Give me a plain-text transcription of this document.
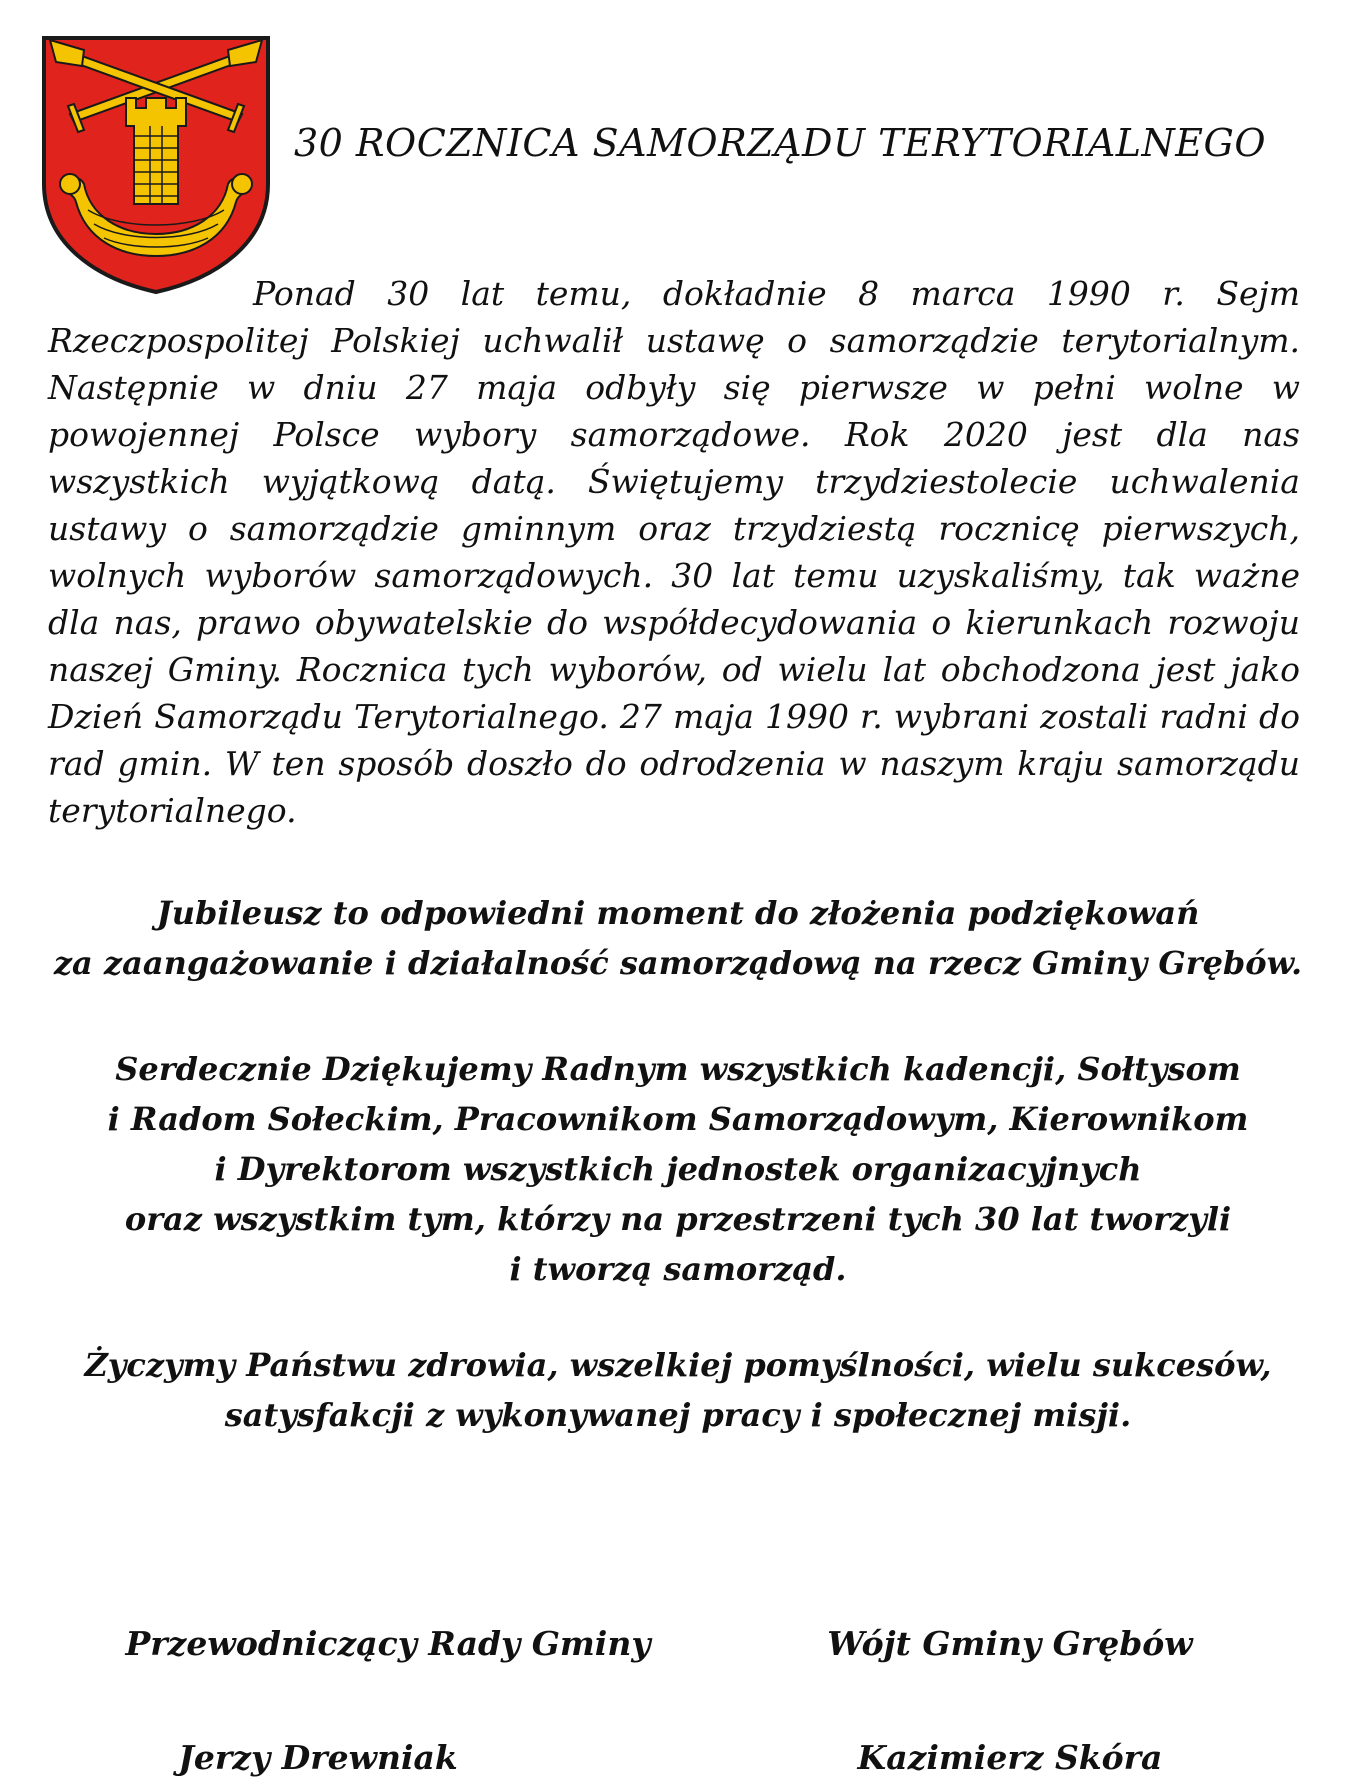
30 ROCZNICA SAMORZĄDU TERYTORIALNEGO

Ponad 30 lat temu, dokładnie 8 marca 1990 r. Sejm Rzeczpospolitej Polskiej uchwalił ustawę o samorządzie terytorialnym. Następnie w dniu 27 maja odbyły się pierwsze w pełni wolne w powojennej Polsce wybory samorządowe. Rok 2020 jest dla nas wszystkich wyjątkową datą. Świętujemy trzydziestolecie uchwalenia ustawy o samorządzie gminnym oraz trzydziestą rocznicę pierwszych, wolnych wyborów samorządowych. 30 lat temu uzyskaliśmy, tak ważne dla nas, prawo obywatelskie do współdecydowania o kierunkach rozwoju naszej Gminy. Rocznica tych wyborów, od wielu lat obchodzona jest jako Dzień Samorządu Terytorialnego. 27 maja 1990 r. wybrani zostali radni do rad gmin. W ten sposób doszło do odrodzenia w naszym kraju samorządu terytorialnego.

Jubileusz to odpowiedni moment do złożenia podziękowań
za zaangażowanie i działalność samorządową na rzecz Gminy Grębów.

Serdecznie Dziękujemy Radnym wszystkich kadencji, Sołtysom
i Radom Sołeckim, Pracownikom Samorządowym, Kierownikom
i Dyrektorom wszystkich jednostek organizacyjnych
oraz wszystkim tym, którzy na przestrzeni tych 30 lat tworzyli
i tworzą samorząd.

Życzymy Państwu zdrowia, wszelkiej pomyślności, wielu sukcesów,
satysfakcji z wykonywanej pracy i społecznej misji.

Przewodniczący Rady Gminy	Wójt Gminy Grębów
Jerzy Drewniak	Kazimierz Skóra
